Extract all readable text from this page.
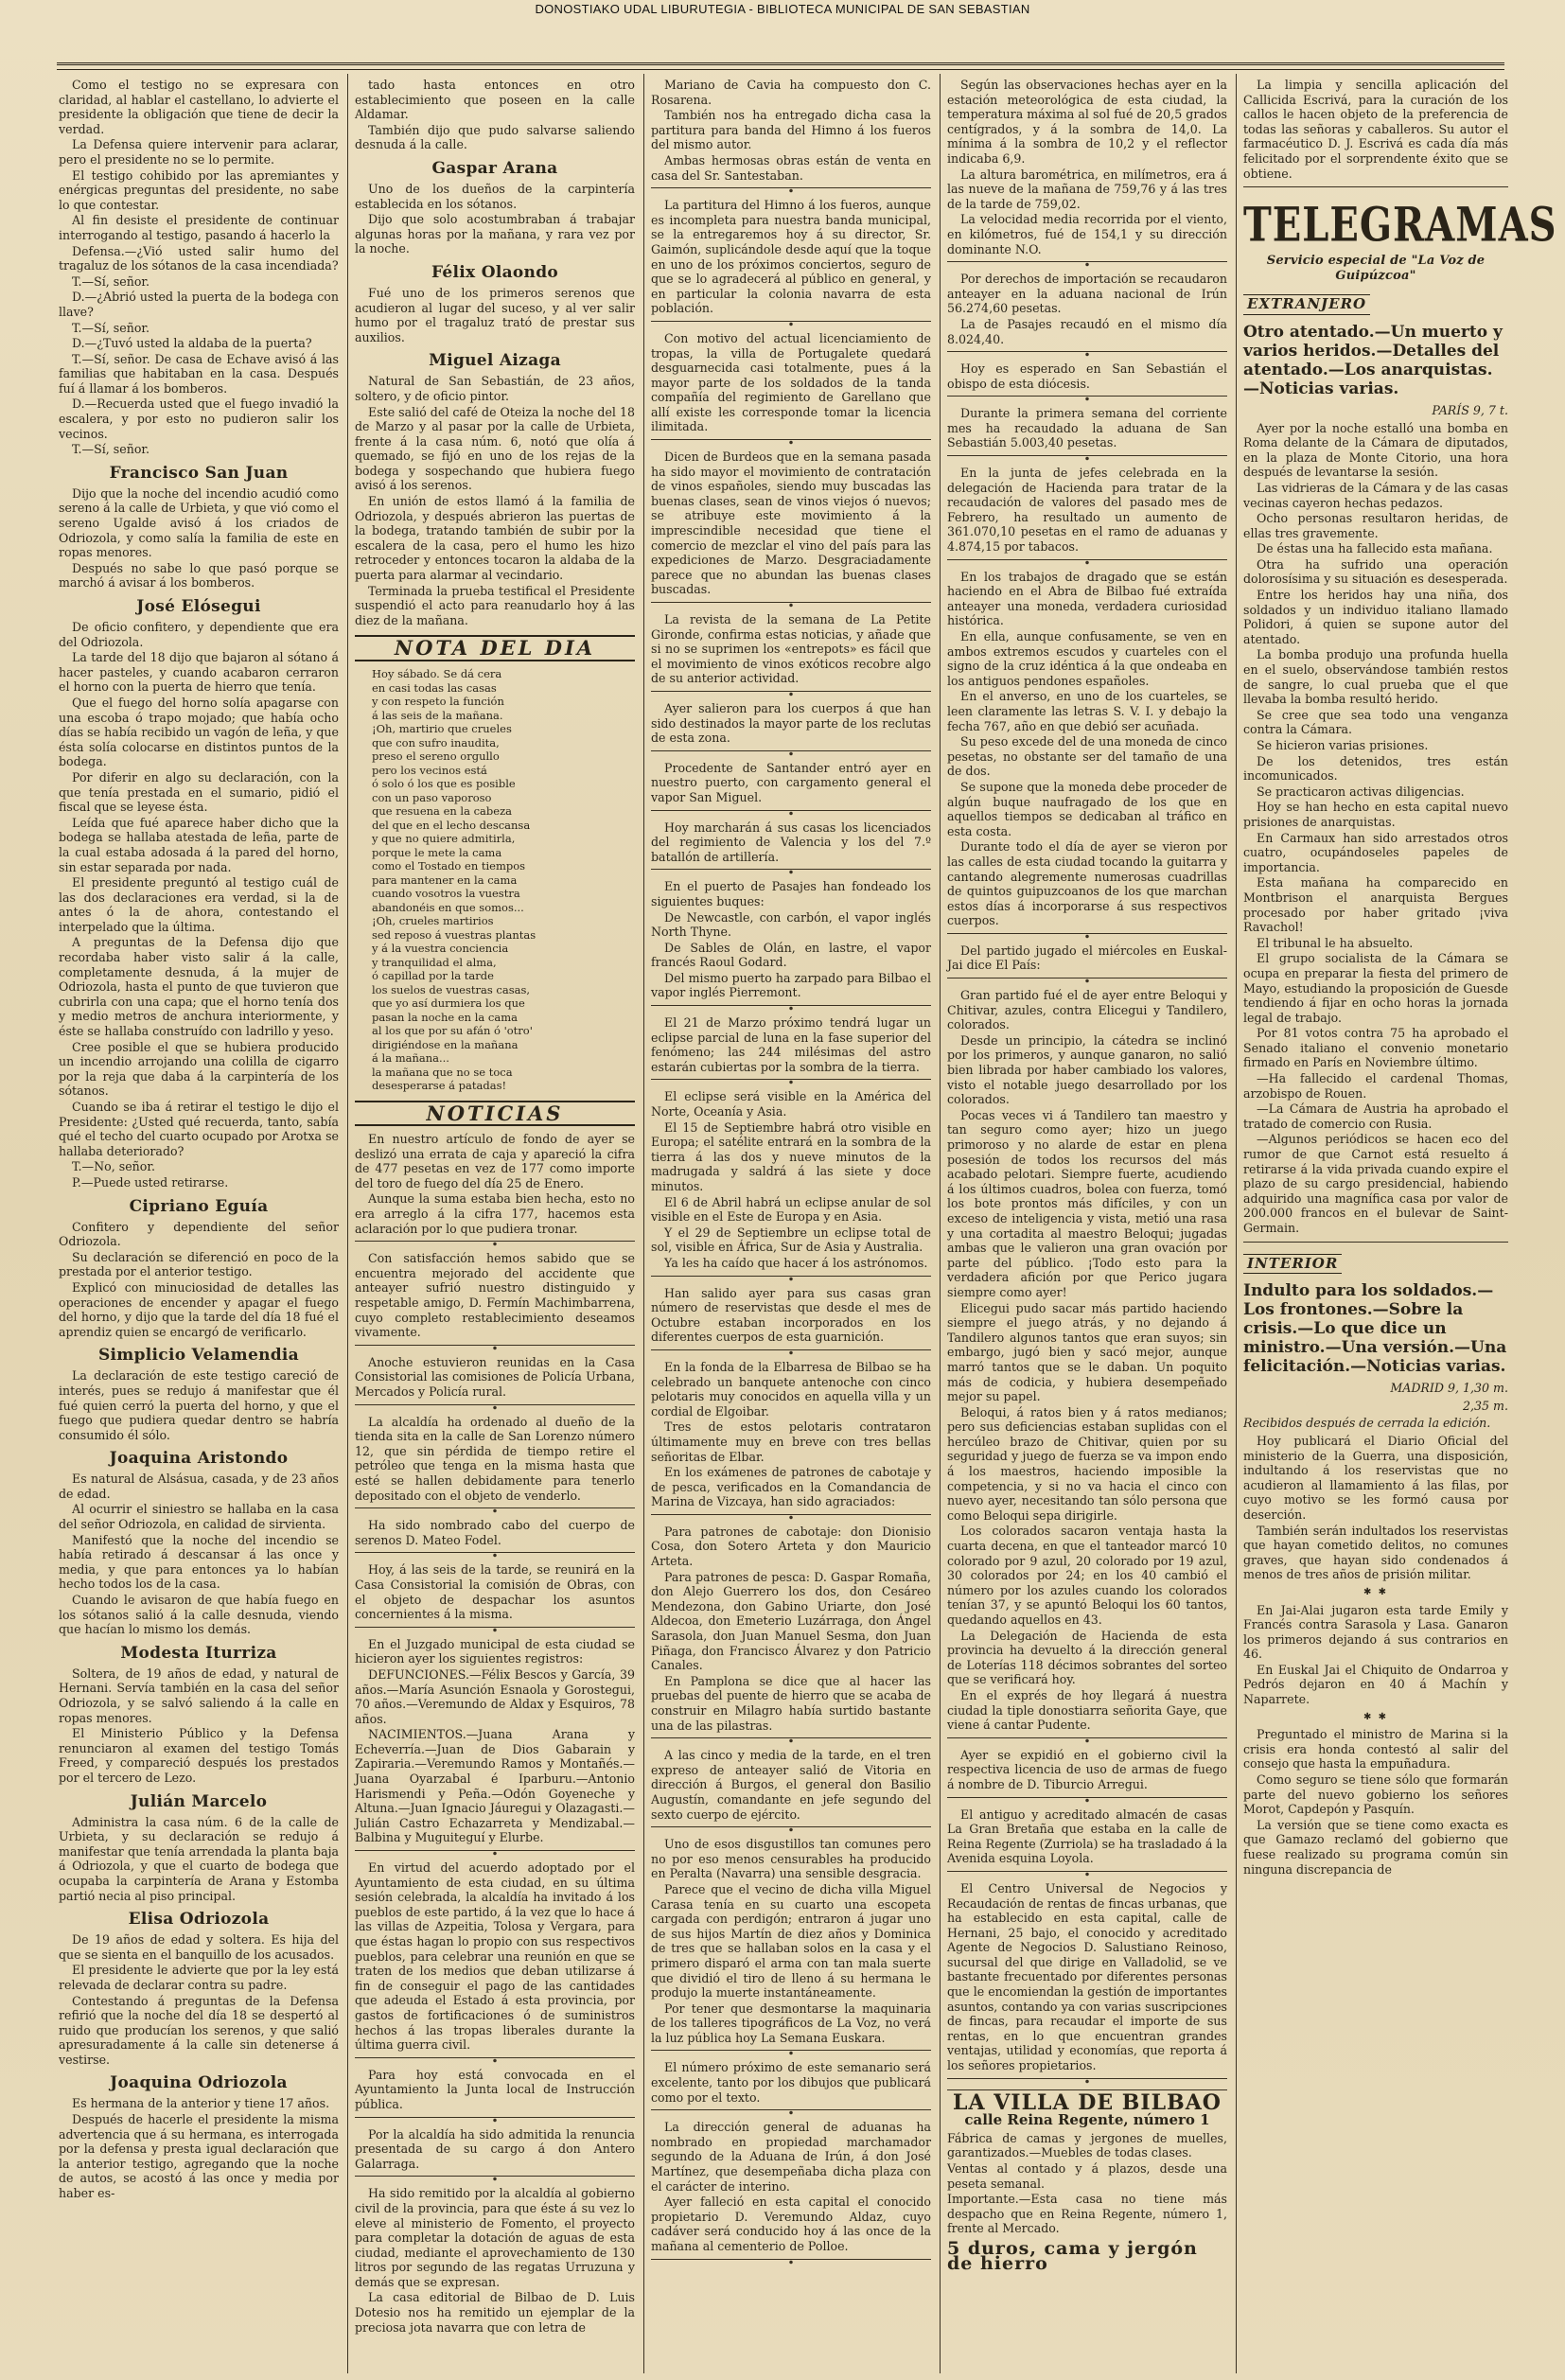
DONOSTIAKO UDAL LIBURUTEGIA - BIBLIOTECA MUNICIPAL DE SAN SEBASTIAN

Como el testigo no se expresara con claridad, al hablar el castellano, lo advierte el presidente la obligación que tiene de decir la verdad.

La Defensa quiere intervenir para aclarar, pero el presidente no se lo permite.

El testigo cohibido por las apremiantes y enérgicas preguntas del presidente, no sabe lo que contestar.

Al fin desiste el presidente de continuar interrogando al testigo, pasando á hacerlo la

Defensa.—¿Vió usted salir humo del tragaluz de los sótanos de la casa incendiada?

T.—Sí, señor.

D.—¿Abrió usted la puerta de la bodega con llave?

T.—Sí, señor.

D.—¿Tuvó usted la aldaba de la puerta?

T.—Sí, señor. De casa de Echave avisó á las familias que habitaban en la casa. Después fuí á llamar á los bomberos.

D.—Recuerda usted que el fuego invadió la escalera, y por esto no pudieron salir los vecinos.

T.—Sí, señor.

Francisco San Juan

Dijo que la noche del incendio acudió como sereno á la calle de Urbieta, y que vió como el sereno Ugalde avisó á los criados de Odriozola, y como salía la familia de este en ropas menores.

Después no sabe lo que pasó porque se marchó á avisar á los bomberos.

José Elósegui

De oficio confitero, y dependiente que era del Odriozola.

La tarde del 18 dijo que bajaron al sótano á hacer pasteles, y cuando acabaron cerraron el horno con la puerta de hierro que tenía.

Que el fuego del horno solía apagarse con una escoba ó trapo mojado; que había ocho días se había recibido un vagón de leña, y que ésta solía colocarse en distintos puntos de la bodega.

Por diferir en algo su declaración, con la que tenía prestada en el sumario, pidió el fiscal que se leyese ésta.

Leída que fué aparece haber dicho que la bodega se hallaba atestada de leña, parte de la cual estaba adosada á la pared del horno, sin estar separada por nada.

El presidente preguntó al testigo cuál de las dos declaraciones era verdad, si la de antes ó la de ahora, contestando el interpelado que la última.

A preguntas de la Defensa dijo que recordaba haber visto salir á la calle, completamente desnuda, á la mujer de Odriozola, hasta el punto de que tuvieron que cubrirla con una capa; que el horno tenía dos y medio metros de anchura interiormente, y éste se hallaba construído con ladrillo y yeso.

Cree posible el que se hubiera producido un incendio arrojando una colilla de cigarro por la reja que daba á la carpintería de los sótanos.

Cuando se iba á retirar el testigo le dijo el Presidente: ¿Usted qué recuerda, tanto, sabía qué el techo del cuarto ocupado por Arotxa se hallaba deteriorado?

T.—No, señor.

P.—Puede usted retirarse.

Cipriano Eguía

Confitero y dependiente del señor Odriozola.

Su declaración se diferenció en poco de la prestada por el anterior testigo.

Explicó con minuciosidad de detalles las operaciones de encender y apagar el fuego del horno, y dijo que la tarde del día 18 fué el aprendiz quien se encargó de verificarlo.

Simplicio Velamendia

La declaración de este testigo careció de interés, pues se redujo á manifestar que él fué quien cerró la puerta del horno, y que el fuego que pudiera quedar dentro se habría consumido él sólo.

Joaquina Aristondo

Es natural de Alsásua, casada, y de 23 años de edad.

Al ocurrir el siniestro se hallaba en la casa del señor Odriozola, en calidad de sirvienta.

Manifestó que la noche del incendio se había retirado á descansar á las once y media, y que para entonces ya lo habían hecho todos los de la casa.

Cuando le avisaron de que había fuego en los sótanos salió á la calle desnuda, viendo que hacían lo mismo los demás.

Modesta Iturriza

Soltera, de 19 años de edad, y natural de Hernani. Servía también en la casa del señor Odriozola, y se salvó saliendo á la calle en ropas menores.

El Ministerio Público y la Defensa renunciaron al examen del testigo Tomás Freed, y compareció después los prestados por el tercero de Lezo.

Julián Marcelo

Administra la casa núm. 6 de la calle de Urbieta, y su declaración se redujo á manifestar que tenía arrendada la planta baja á Odriozola, y que el cuarto de bodega que ocupaba la carpintería de Arana y Estomba partió necia al piso principal.

Elisa Odriozola

De 19 años de edad y soltera. Es hija del que se sienta en el banquillo de los acusados.

El presidente le advierte que por la ley está relevada de declarar contra su padre.

Contestando á preguntas de la Defensa refirió que la noche del día 18 se despertó al ruido que producían los serenos, y que salió apresuradamente á la calle sin detenerse á vestirse.

Joaquina Odriozola

Es hermana de la anterior y tiene 17 años.

Después de hacerle el presidente la misma advertencia que á su hermana, es interrogada por la defensa y presta igual declaración que la anterior testigo, agregando que la noche de autos, se acostó á las once y media por haber es-

tado hasta entonces en otro establecimiento que poseen en la calle Aldamar.

También dijo que pudo salvarse saliendo desnuda á la calle.

Gaspar Arana

Uno de los dueños de la carpintería establecida en los sótanos.

Dijo que solo acostumbraban á trabajar algunas horas por la mañana, y rara vez por la noche.

Félix Olaondo

Fué uno de los primeros serenos que acudieron al lugar del suceso, y al ver salir humo por el tragaluz trató de prestar sus auxilios.

Miguel Aizaga

Natural de San Sebastián, de 23 años, soltero, y de oficio pintor.

Este salió del café de Oteiza la noche del 18 de Marzo y al pasar por la calle de Urbieta, frente á la casa núm. 6, notó que olía á quemado, se fijó en uno de los rejas de la bodega y sospechando que hubiera fuego avisó á los serenos.

En unión de estos llamó á la familia de Odriozola, y después abrieron las puertas de la bodega, tratando también de subir por la escalera de la casa, pero el humo les hizo retroceder y entonces tocaron la aldaba de la puerta para alarmar al vecindario.

Terminada la prueba testifical el Presidente suspendió el acto para reanudarlo hoy á las diez de la mañana.

NOTA DEL DIA
Hoy sábado. Se dá cera
en casi todas las casas
y con respeto la función
á las seis de la mañana.
¡Oh, martirio que crueles
que con sufro inaudita,
preso el sereno orgullo
pero los vecinos está
ó solo ó los que es posible
con un paso vaporoso
que resuena en la cabeza
del que en el lecho descansa
y que no quiere admitirla,
porque le mete la cama
como el Tostado en tiempos
para mantener en la cama
cuando vosotros la vuestra
abandonéis en que somos...
¡Oh, crueles martirios
sed reposo á vuestras plantas
y á la vuestra conciencia
y tranquilidad el alma,
ó capillad por la tarde
los suelos de vuestras casas,
que yo así durmiera los que
pasan la noche en la cama
al los que por su afán ó 'otro'
dirigiéndose en la mañana
á la mañana...
la mañana que no se toca
desesperarse á patadas!
NOTICIAS

En nuestro artículo de fondo de ayer se deslizó una errata de caja y apareció la cifra de 477 pesetas en vez de 177 como importe del toro de fuego del día 25 de Enero.

Aunque la suma estaba bien hecha, esto no era arreglo á la cifra 177, hacemos esta aclaración por lo que pudiera tronar.

Con satisfacción hemos sabido que se encuentra mejorado del accidente que anteayer sufrió nuestro distinguido y respetable amigo, D. Fermín Machimbarrena, cuyo completo restablecimiento deseamos vivamente.

Anoche estuvieron reunidas en la Casa Consistorial las comisiones de Policía Urbana, Mercados y Policía rural.

La alcaldía ha ordenado al dueño de la tienda sita en la calle de San Lorenzo número 12, que sin pérdida de tiempo retire el petróleo que tenga en la misma hasta que esté se hallen debidamente para tenerlo depositado con el objeto de venderlo.

Ha sido nombrado cabo del cuerpo de serenos D. Mateo Fodel.

Hoy, á las seis de la tarde, se reunirá en la Casa Consistorial la comisión de Obras, con el objeto de despachar los asuntos concernientes á la misma.

En el Juzgado municipal de esta ciudad se hicieron ayer los siguientes registros:

DEFUNCIONES.—Félix Bescos y García, 39 años.—María Asunción Esnaola y Gorostegui, 70 años.—Veremundo de Aldax y Esquiros, 78 años.

NACIMIENTOS.—Juana Arana y Echeverría.—Juan de Dios Gabarain y Zapiraria.—Veremundo Ramos y Montañés.—Juana Oyarzabal é Iparburu.—Antonio Harismendi y Peña.—Odón Goyeneche y Altuna.—Juan Ignacio Jáuregui y Olazagasti.—Julián Castro Echazarreta y Mendizabal.—Balbina y Muguiteguí y Elurbe.

En virtud del acuerdo adoptado por el Ayuntamiento de esta ciudad, en su última sesión celebrada, la alcaldía ha invitado á los pueblos de este partido, á la vez que lo hace á las villas de Azpeitia, Tolosa y Vergara, para que éstas hagan lo propio con sus respectivos pueblos, para celebrar una reunión en que se traten de los medios que deban utilizarse á fin de conseguir el pago de las cantidades que adeuda el Estado á esta provincia, por gastos de fortificaciones ó de suministros hechos á las tropas liberales durante la última guerra civil.

Para hoy está convocada en el Ayuntamiento la Junta local de Instrucción pública.

Por la alcaldía ha sido admitida la renuncia presentada de su cargo á don Antero Galarraga.

Ha sido remitido por la alcaldía al gobierno civil de la provincia, para que éste á su vez lo eleve al ministerio de Fomento, el proyecto para completar la dotación de aguas de esta ciudad, mediante el aprovechamiento de 130 litros por segundo de las regatas Urruzuna y demás que se expresan.

La casa editorial de Bilbao de D. Luis Dotesio nos ha remitido un ejemplar de la preciosa jota navarra que con letra de

Mariano de Cavia ha compuesto don C. Rosarena.

También nos ha entregado dicha casa la partitura para banda del Himno á los fueros del mismo autor.

Ambas hermosas obras están de venta en casa del Sr. Santestaban.

La partitura del Himno á los fueros, aunque es incompleta para nuestra banda municipal, se la entregaremos hoy á su director, Sr. Gaimón, suplicándole desde aquí que la toque en uno de los próximos conciertos, seguro de que se lo agradecerá al público en general, y en particular la colonia navarra de esta población.

Con motivo del actual licenciamiento de tropas, la villa de Portugalete quedará desguarnecida casi totalmente, pues á la mayor parte de los soldados de la tanda compañía del regimiento de Garellano que allí existe les corresponde tomar la licencia ilimitada.

Dicen de Burdeos que en la semana pasada ha sido mayor el movimiento de contratación de vinos españoles, siendo muy buscadas las buenas clases, sean de vinos viejos ó nuevos; se atribuye este movimiento á la imprescindible necesidad que tiene el comercio de mezclar el vino del país para las expediciones de Marzo. Desgraciadamente parece que no abundan las buenas clases buscadas.

La revista de la semana de La Petite Gironde, confirma estas noticias, y añade que si no se suprimen los «entrepots» es fácil que el movimiento de vinos exóticos recobre algo de su anterior actividad.

Ayer salieron para los cuerpos á que han sido destinados la mayor parte de los reclutas de esta zona.

Procedente de Santander entró ayer en nuestro puerto, con cargamento general el vapor San Miguel.

Hoy marcharán á sus casas los licenciados del regimiento de Valencia y los del 7.º batallón de artillería.

En el puerto de Pasajes han fondeado los siguientes buques:

De Newcastle, con carbón, el vapor inglés North Thyne.

De Sables de Olán, en lastre, el vapor francés Raoul Godard.

Del mismo puerto ha zarpado para Bilbao el vapor inglés Pierremont.

El 21 de Marzo próximo tendrá lugar un eclipse parcial de luna en la fase superior del fenómeno; las 244 milésimas del astro estarán cubiertas por la sombra de la tierra.

El eclipse será visible en la América del Norte, Oceanía y Asia.

El 15 de Septiembre habrá otro visible en Europa; el satélite entrará en la sombra de la tierra á las dos y nueve minutos de la madrugada y saldrá á las siete y doce minutos.

El 6 de Abril habrá un eclipse anular de sol visible en el Este de Europa y en Asia.

Y el 29 de Septiembre un eclipse total de sol, visible en África, Sur de Asia y Australia.

Ya les ha caído que hacer á los astrónomos.

Han salido ayer para sus casas gran número de reservistas que desde el mes de Octubre estaban incorporados en los diferentes cuerpos de esta guarnición.

En la fonda de la Elbarresa de Bilbao se ha celebrado un banquete antenoche con cinco pelotaris muy conocidos en aquella villa y un cordial de Elgoibar.

Tres de estos pelotaris contrataron últimamente muy en breve con tres bellas señoritas de Elbar.

En los exámenes de patrones de cabotaje y de pesca, verificados en la Comandancia de Marina de Vizcaya, han sido agraciados:

Para patrones de cabotaje: don Dionisio Cosa, don Sotero Arteta y don Mauricio Arteta.

Para patrones de pesca: D. Gaspar Romaña, don Alejo Guerrero los dos, don Cesáreo Mendezona, don Gabino Uriarte, don José Aldecoa, don Emeterio Luzárraga, don Ángel Sarasola, don Juan Manuel Sesma, don Juan Piñaga, don Francisco Álvarez y don Patricio Canales.

En Pamplona se dice que al hacer las pruebas del puente de hierro que se acaba de construir en Milagro había surtido bastante una de las pilastras.

A las cinco y media de la tarde, en el tren expreso de anteayer salió de Vitoria en dirección á Burgos, el general don Basilio Augustín, comandante en jefe segundo del sexto cuerpo de ejército.

Uno de esos disgustillos tan comunes pero no por eso menos censurables ha producido en Peralta (Navarra) una sensible desgracia.

Parece que el vecino de dicha villa Miguel Carasa tenía en su cuarto una escopeta cargada con perdigón; entraron á jugar uno de sus hijos Martín de diez años y Dominica de tres que se hallaban solos en la casa y el primero disparó el arma con tan mala suerte que dividió el tiro de lleno á su hermana le produjo la muerte instantáneamente.

Por tener que desmontarse la maquinaria de los talleres tipográficos de La Voz, no verá la luz pública hoy La Semana Euskara.

El número próximo de este semanario será excelente, tanto por los dibujos que publicará como por el texto.

La dirección general de aduanas ha nombrado en propiedad marchamador segundo de la Aduana de Irún, á don José Martínez, que desempeñaba dicha plaza con el carácter de interino.

Ayer falleció en esta capital el conocido propietario D. Veremundo Aldaz, cuyo cadáver será conducido hoy á las once de la mañana al cementerio de Polloe.

Según las observaciones hechas ayer en la estación meteorológica de esta ciudad, la temperatura máxima al sol fué de 20,5 grados centígrados, y á la sombra de 14,0. La mínima á la sombra de 10,2 y el reflector indicaba 6,9.

La altura barométrica, en milímetros, era á las nueve de la mañana de 759,76 y á las tres de la tarde de 759,02.

La velocidad media recorrida por el viento, en kilómetros, fué de 154,1 y su dirección dominante N.O.

Por derechos de importación se recaudaron anteayer en la aduana nacional de Irún 56.274,60 pesetas.

La de Pasajes recaudó en el mismo día 8.024,40.

Hoy es esperado en San Sebastián el obispo de esta diócesis.

Durante la primera semana del corriente mes ha recaudado la aduana de San Sebastián 5.003,40 pesetas.

En la junta de jefes celebrada en la delegación de Hacienda para tratar de la recaudación de valores del pasado mes de Febrero, ha resultado un aumento de 361.070,10 pesetas en el ramo de aduanas y 4.874,15 por tabacos.

En los trabajos de dragado que se están haciendo en el Abra de Bilbao fué extraída anteayer una moneda, verdadera curiosidad histórica.

En ella, aunque confusamente, se ven en ambos extremos escudos y cuarteles con el signo de la cruz idéntica á la que ondeaba en los antiguos pendones españoles.

En el anverso, en uno de los cuarteles, se leen claramente las letras S. V. I. y debajo la fecha 767, año en que debió ser acuñada.

Su peso excede del de una moneda de cinco pesetas, no obstante ser del tamaño de una de dos.

Se supone que la moneda debe proceder de algún buque naufragado de los que en aquellos tiempos se dedicaban al tráfico en esta costa.

Durante todo el día de ayer se vieron por las calles de esta ciudad tocando la guitarra y cantando alegremente numerosas cuadrillas de quintos guipuzcoanos de los que marchan estos días á incorporarse á sus respectivos cuerpos.

Del partido jugado el miércoles en Euskal-Jai dice El País:

Gran partido fué el de ayer entre Beloqui y Chitivar, azules, contra Elicegui y Tandilero, colorados.

Desde un principio, la cátedra se inclinó por los primeros, y aunque ganaron, no salió bien librada por haber cambiado los valores, visto el notable juego desarrollado por los colorados.

Pocas veces vi á Tandilero tan maestro y tan seguro como ayer; hizo un juego primoroso y no alarde de estar en plena posesión de todos los recursos del más acabado pelotari. Siempre fuerte, acudiendo á los últimos cuadros, bolea con fuerza, tomó los bote prontos más difíciles, y con un exceso de inteligencia y vista, metió una rasa y una cortadita al maestro Beloqui; jugadas ambas que le valieron una gran ovación por parte del público. ¡Todo esto para la verdadera afición por que Perico jugara siempre como ayer!

Elicegui pudo sacar más partido haciendo siempre el juego atrás, y no dejando á Tandilero algunos tantos que eran suyos; sin embargo, jugó bien y sacó mejor, aunque marró tantos que se le daban. Un poquito más de codicia, y hubiera desempeñado mejor su papel.

Beloqui, á ratos bien y á ratos medianos; pero sus deficiencias estaban suplidas con el hercúleo brazo de Chitivar, quien por su seguridad y juego de fuerza se va impon endo á los maestros, haciendo imposible la competencia, y si no va hacia el cinco con nuevo ayer, necesitando tan sólo persona que como Beloqui sepa dirigirle.

Los colorados sacaron ventaja hasta la cuarta decena, en que el tanteador marcó 10 colorado por 9 azul, 20 colorado por 19 azul, 30 colorados por 24; en los 40 cambió el número por los azules cuando los colorados tenían 37, y se apuntó Beloqui los 60 tantos, quedando aquellos en 43.

La Delegación de Hacienda de esta provincia ha devuelto á la dirección general de Loterías 118 décimos sobrantes del sorteo que se verificará hoy.

En el exprés de hoy llegará á nuestra ciudad la tiple donostiarra señorita Gaye, que viene á cantar Pudente.

Ayer se expidió en el gobierno civil la respectiva licencia de uso de armas de fuego á nombre de D. Tiburcio Arregui.

El antiguo y acreditado almacén de casas La Gran Bretaña que estaba en la calle de Reina Regente (Zurriola) se ha trasladado á la Avenida esquina Loyola.

El Centro Universal de Negocios y Recaudación de rentas de fincas urbanas, que ha establecido en esta capital, calle de Hernani, 25 bajo, el conocido y acreditado Agente de Negocios D. Salustiano Reinoso, sucursal del que dirige en Valladolid, se ve bastante frecuentado por diferentes personas que le encomiendan la gestión de importantes asuntos, contando ya con varias suscripciones de fincas, para recaudar el importe de sus rentas, en lo que encuentran grandes ventajas, utilidad y economías, que reporta á los señores propietarios.

LA VILLA DE BILBAO
calle Reina Regente, número 1

Fábrica de camas y jergones de muelles, garantizados.—Muebles de todas clases.

Ventas al contado y á plazos, desde una peseta semanal.

Importante.—Esta casa no tiene más despacho que en Reina Regente, número 1, frente al Mercado.

5 duros, cama y jergón de hierro

La limpia y sencilla aplicación del Callicida Escrivá, para la curación de los callos le hacen objeto de la preferencia de todas las señoras y caballeros. Su autor el farmacéutico D. J. Escrivá es cada día más felicitado por el sorprendente éxito que se obtiene.

TELEGRAMAS
Servicio especial de "La Voz de Guipúzcoa"
EXTRANJERO
Otro atentado.—Un muerto y varios heridos.—Detalles del atentado.—Los anarquistas.—Noticias varias.
PARÍS 9, 7 t.

Ayer por la noche estalló una bomba en Roma delante de la Cámara de diputados, en la plaza de Monte Citorio, una hora después de levantarse la sesión.

Las vidrieras de la Cámara y de las casas vecinas cayeron hechas pedazos.

Ocho personas resultaron heridas, de ellas tres gravemente.

De éstas una ha fallecido esta mañana.

Otra ha sufrido una operación dolorosísima y su situación es desesperada.

Entre los heridos hay una niña, dos soldados y un individuo italiano llamado Polidori, á quien se supone autor del atentado.

La bomba produjo una profunda huella en el suelo, observándose también restos de sangre, lo cual prueba que el que llevaba la bomba resultó herido.

Se cree que sea todo una venganza contra la Cámara.

Se hicieron varias prisiones.

De los detenidos, tres están incomunicados.

Se practicaron activas diligencias.

Hoy se han hecho en esta capital nuevo prisiones de anarquistas.

En Carmaux han sido arrestados otros cuatro, ocupándoseles papeles de importancia.

Esta mañana ha comparecido en Montbrison el anarquista Bergues procesado por haber gritado ¡viva Ravachol!

El tribunal le ha absuelto.

El grupo socialista de la Cámara se ocupa en preparar la fiesta del primero de Mayo, estudiando la proposición de Guesde tendiendo á fijar en ocho horas la jornada legal de trabajo.

Por 81 votos contra 75 ha aprobado el Senado italiano el convenio monetario firmado en París en Noviembre último.

—Ha fallecido el cardenal Thomas, arzobispo de Rouen.

—La Cámara de Austria ha aprobado el tratado de comercio con Rusia.

—Algunos periódicos se hacen eco del rumor de que Carnot está resuelto á retirarse á la vida privada cuando expire el plazo de su cargo presidencial, habiendo adquirido una magnífica casa por valor de 200.000 francos en el bulevar de Saint-Germain.

INTERIOR
Indulto para los soldados.—Los frontones.—Sobre la crisis.—Lo que dice un ministro.—Una versión.—Una felicitación.—Noticias varias.
MADRID 9, 1,30 m.
2,35 m.
Recibidos después de cerrada la edición.

Hoy publicará el Diario Oficial del ministerio de la Guerra, una disposición, indultando á los reservistas que no acudieron al llamamiento á las filas, por cuyo motivo se les formó causa por deserción.

También serán indultados los reservistas que hayan cometido delitos, no comunes graves, que hayan sido condenados á menos de tres años de prisión militar.

✱ ✱

En Jai-Alai jugaron esta tarde Emily y Francés contra Sarasola y Lasa. Ganaron los primeros dejando á sus contrarios en 46.

En Euskal Jai el Chiquito de Ondarroa y Pedrós dejaron en 40 á Machín y Naparrete.

✱ ✱

Preguntado el ministro de Marina si la crisis era honda contestó al salir del consejo que hasta la empuñadura.

Como seguro se tiene sólo que formarán parte del nuevo gobierno los señores Morot, Capdepón y Pasquín.

La versión que se tiene como exacta es que Gamazo reclamó del gobierno que fuese realizado su programa común sin ninguna discrepancia de
